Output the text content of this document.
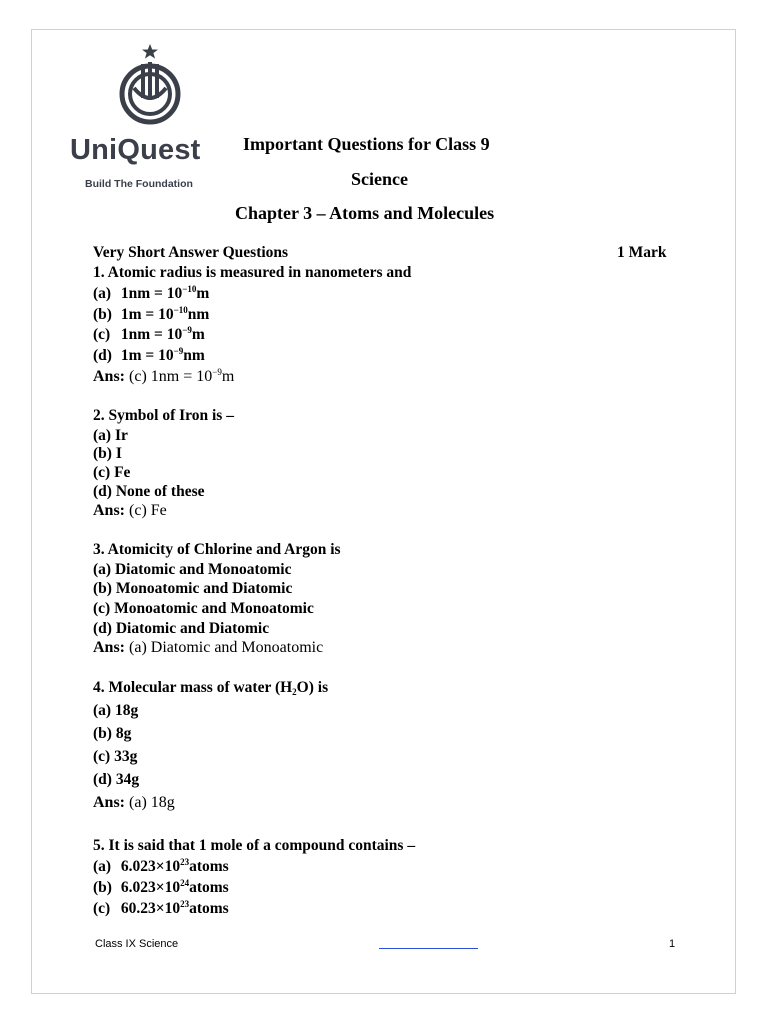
UniQuest
Build The Foundation
Important Questions for Class 9
Science
Chapter 3 – Atoms and Molecules
Very Short Answer Questions	1 Mark
1. Atomic radius is measured in nanometers and
(a) $1nm = 10^{-10}m$
(b) $1m = 10^{-10}nm$
(c) $1nm = 10^{-9}m$
(d) $1m = 10^{-9}nm$
Ans: (c) $1nm = 10^{-9}m$
2. Symbol of Iron is –
(a) Ir
(b) I
(c) Fe
(d) None of these
Ans: (c) Fe
3. Atomicity of Chlorine and Argon is
(a) Diatomic and Monoatomic
(b) Monoatomic and Diatomic
(c) Monoatomic and Monoatomic
(d) Diatomic and Diatomic
Ans: (a) Diatomic and Monoatomic
4. Molecular mass of water $(H_2O)$ is
(a) 18g
(b) 8g
(c) 33g
(d) 34g
Ans: (a) 18g
5. It is said that 1 mole of a compound contains –
(a) $6.023\times 10^{23}atoms$
(b) $6.023\times 10^{24}atoms$
(c) $60.23\times 10^{23}atoms$
Class IX Science	1
